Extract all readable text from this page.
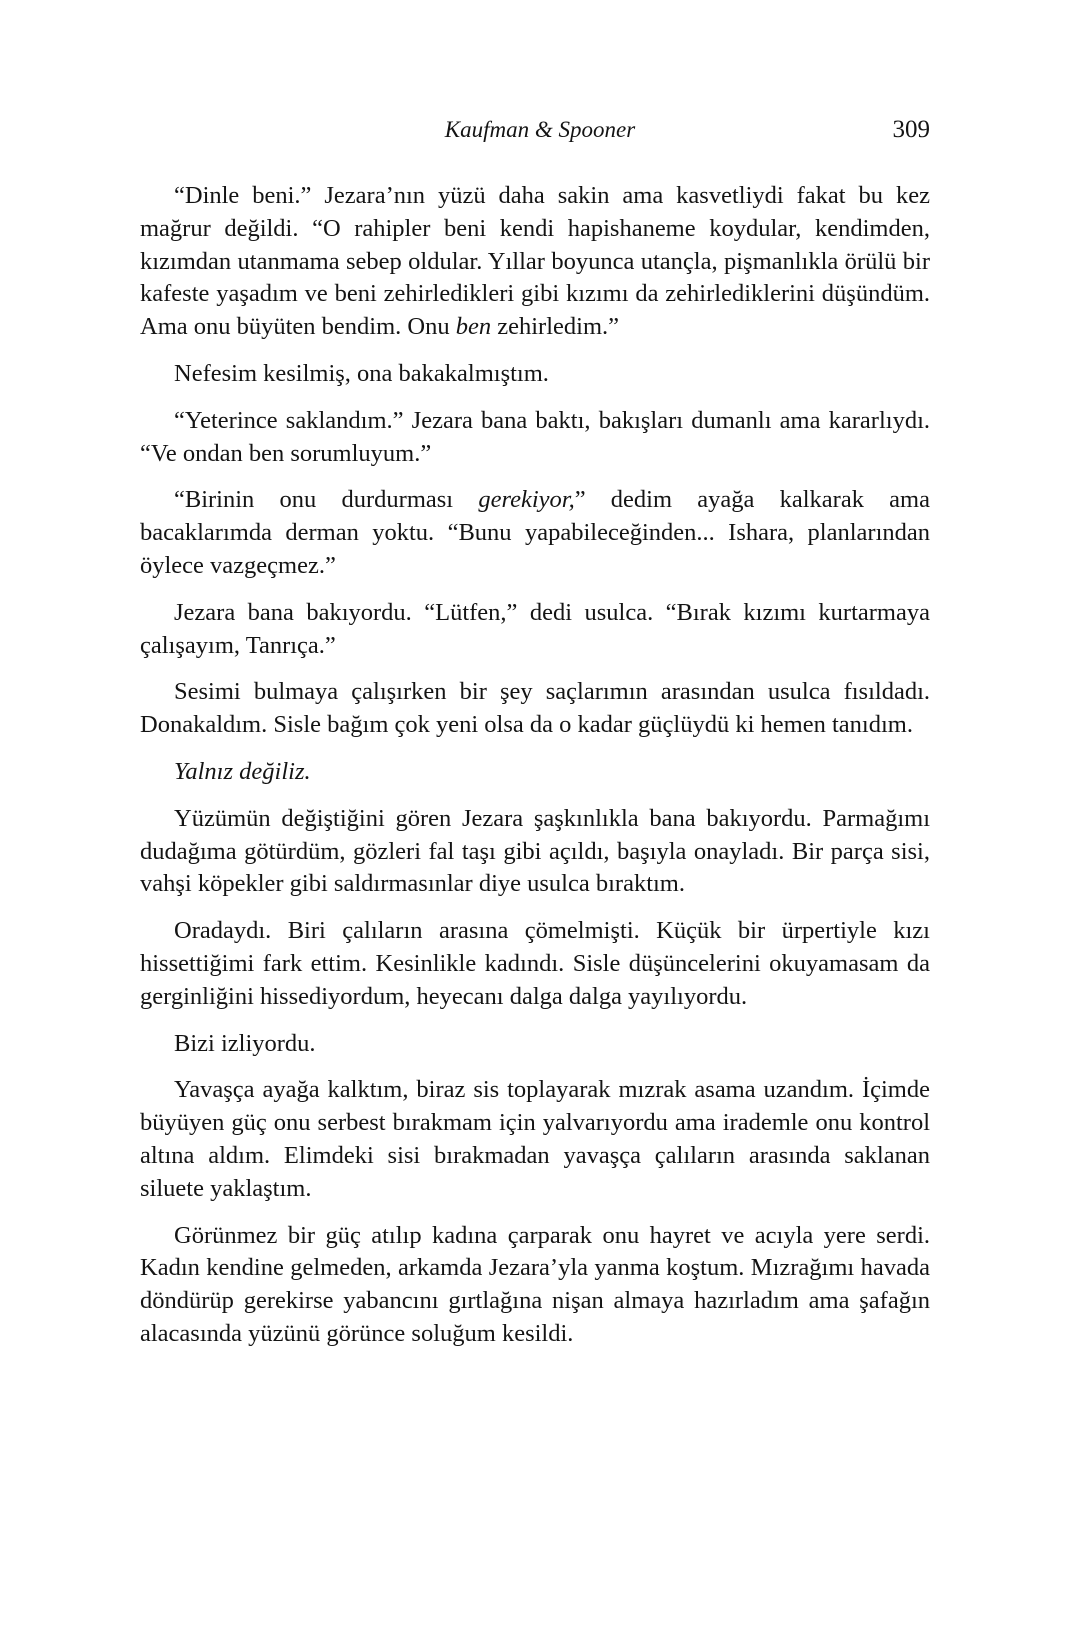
Kaufman & Spooner	309

“Dinle beni.” Jezara’nın yüzü daha sakin ama kasvetliydi fakat bu kez mağrur değildi. “O rahipler beni kendi hapishaneme koydular, kendimden, kızımdan utanmama sebep oldular. Yıllar boyunca utançla, pişmanlıkla örülü bir kafeste yaşadım ve beni zehirledikleri gibi kızımı da zehirlediklerini düşündüm. Ama onu büyüten bendim. Onu ben zehirledim.”

Nefesim kesilmiş, ona bakakalmıştım.

“Yeterince saklandım.” Jezara bana baktı, bakışları dumanlı ama kararlıydı. “Ve ondan ben sorumluyum.”

“Birinin onu durdurması gerekiyor,” dedim ayağa kalkarak ama bacaklarımda derman yoktu. “Bunu yapabileceğinden... Ishara, planlarından öylece vazgeçmez.”

Jezara bana bakıyordu. “Lütfen,” dedi usulca. “Bırak kızımı kurtarmaya çalışayım, Tanrıça.”

Sesimi bulmaya çalışırken bir şey saçlarımın arasından usulca fısıldadı. Donakaldım. Sisle bağım çok yeni olsa da o kadar güçlüydü ki hemen tanıdım.

Yalnız değiliz.

Yüzümün değiştiğini gören Jezara şaşkınlıkla bana bakıyordu. Parmağımı dudağıma götürdüm, gözleri fal taşı gibi açıldı, başıyla onayladı. Bir parça sisi, vahşi köpekler gibi saldırmasınlar diye usulca bıraktım.

Oradaydı. Biri çalıların arasına çömelmişti. Küçük bir ürpertiyle kızı hissettiğimi fark ettim. Kesinlikle kadındı. Sisle düşüncelerini okuyamasam da gerginliğini hissediyordum, heyecanı dalga dalga yayılıyordu.

Bizi izliyordu.

Yavaşça ayağa kalktım, biraz sis toplayarak mızrak asama uzandım. İçimde büyüyen güç onu serbest bırakmam için yalvarıyordu ama irademle onu kontrol altına aldım. Elimdeki sisi bırakmadan yavaşça çalıların arasında saklanan siluete yaklaştım.

Görünmez bir güç atılıp kadına çarparak onu hayret ve acıyla yere serdi. Kadın kendine gelmeden, arkamda Jezara’yla yanma koştum. Mızrağımı havada döndürüp gerekirse yabancını gırtlağına nişan almaya hazırladım ama şafağın alacasında yüzünü görünce soluğum kesildi.
